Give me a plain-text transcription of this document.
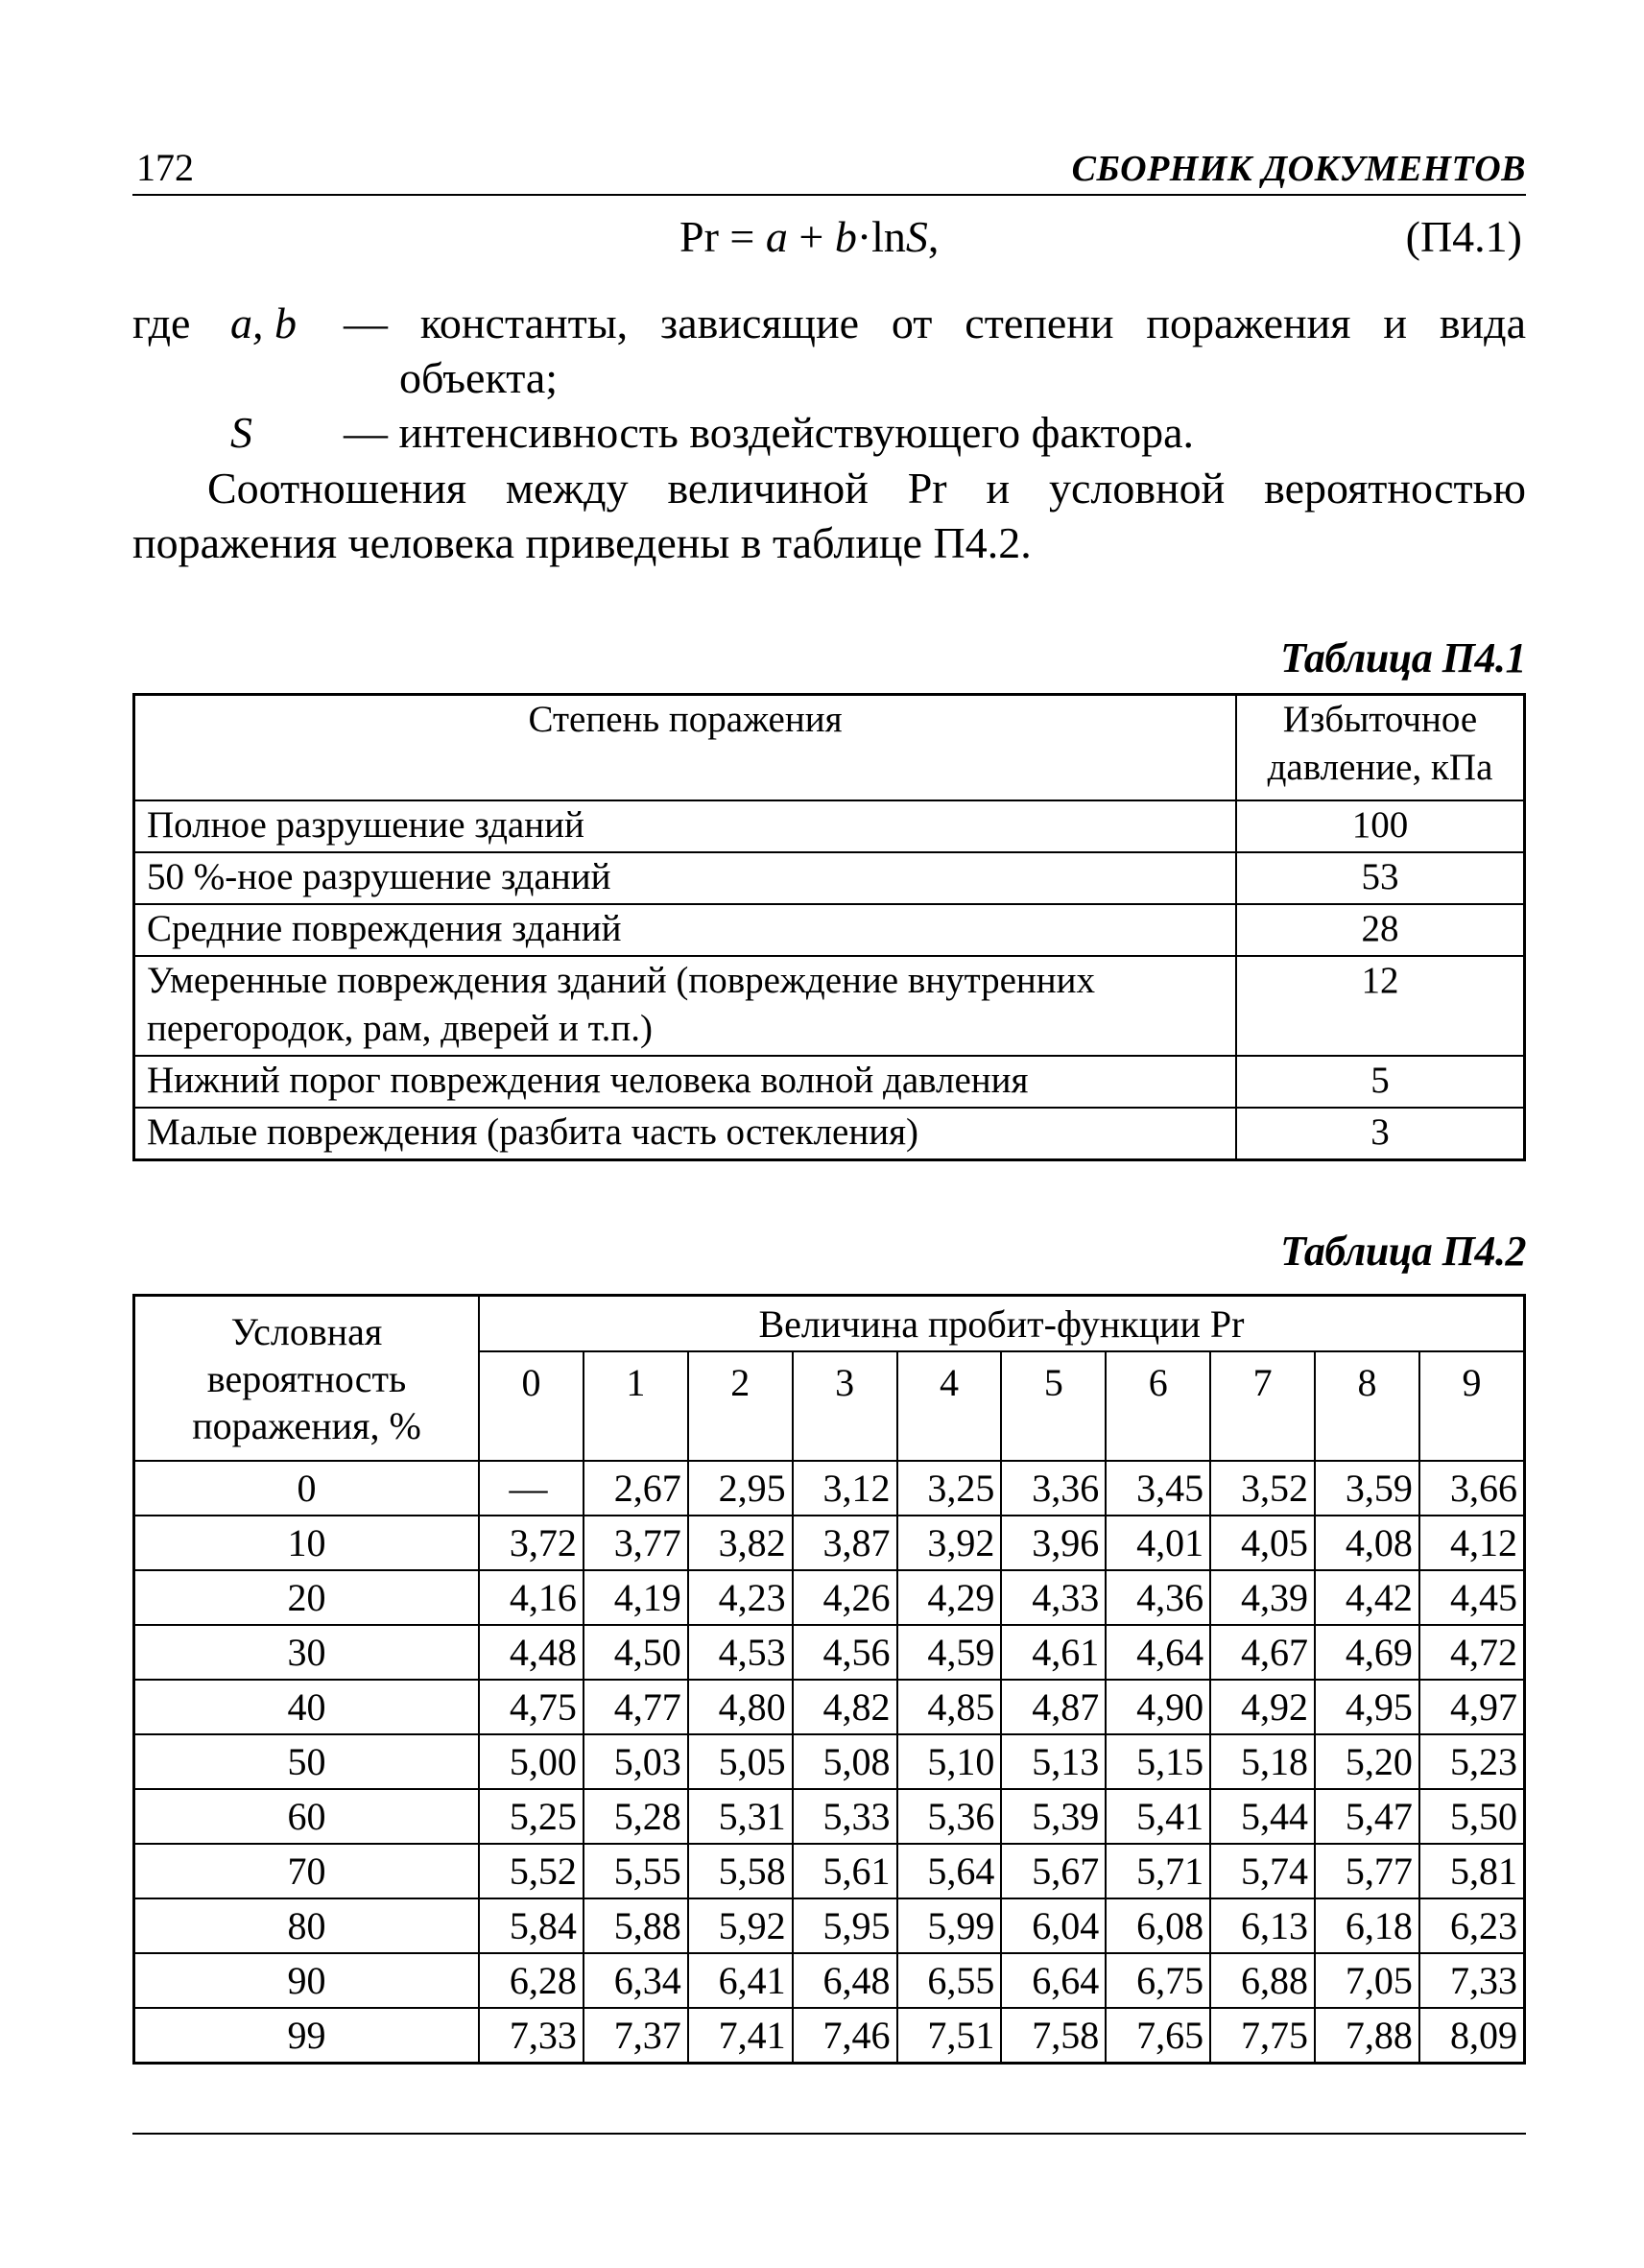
172	СБОРНИК ДОКУМЕНТОВ
Pr = a + b·lnS,	(П4.1)
где a, b — константы, зависящие от степени поражения и вида
объекта;
S — интенсивность воздействующего фактора.
Соотношения между величиной Pr и условной вероятностью поражения человека приведены в таблице П4.2.
Таблица П4.1
Степень поражения	Избыточное
давление, кПа

Полное разрушение зданий	100
50 %-ное разрушение зданий	53
Средние повреждения зданий	28

Умеренные повреждения зданий (повреждение внутренних
перегородок, рам, дверей и т.п.)	12
Нижний порог повреждения человека волной давления	5
Малые повреждения (разбита часть остекления)	3
Таблица П4.2
Условная
вероятность
поражения, %	Величина пробит-функции Pr									
	0	1	2	3	4	5	6	7	8	9
0	—	2,67	2,95	3,12	3,25	3,36	3,45	3,52	3,59	3,66
10	3,72	3,77	3,82	3,87	3,92	3,96	4,01	4,05	4,08	4,12
20	4,16	4,19	4,23	4,26	4,29	4,33	4,36	4,39	4,42	4,45
30	4,48	4,50	4,53	4,56	4,59	4,61	4,64	4,67	4,69	4,72
40	4,75	4,77	4,80	4,82	4,85	4,87	4,90	4,92	4,95	4,97
50	5,00	5,03	5,05	5,08	5,10	5,13	5,15	5,18	5,20	5,23
60	5,25	5,28	5,31	5,33	5,36	5,39	5,41	5,44	5,47	5,50
70	5,52	5,55	5,58	5,61	5,64	5,67	5,71	5,74	5,77	5,81
80	5,84	5,88	5,92	5,95	5,99	6,04	6,08	6,13	6,18	6,23
90	6,28	6,34	6,41	6,48	6,55	6,64	6,75	6,88	7,05	7,33
99	7,33	7,37	7,41	7,46	7,51	7,58	7,65	7,75	7,88	8,09
